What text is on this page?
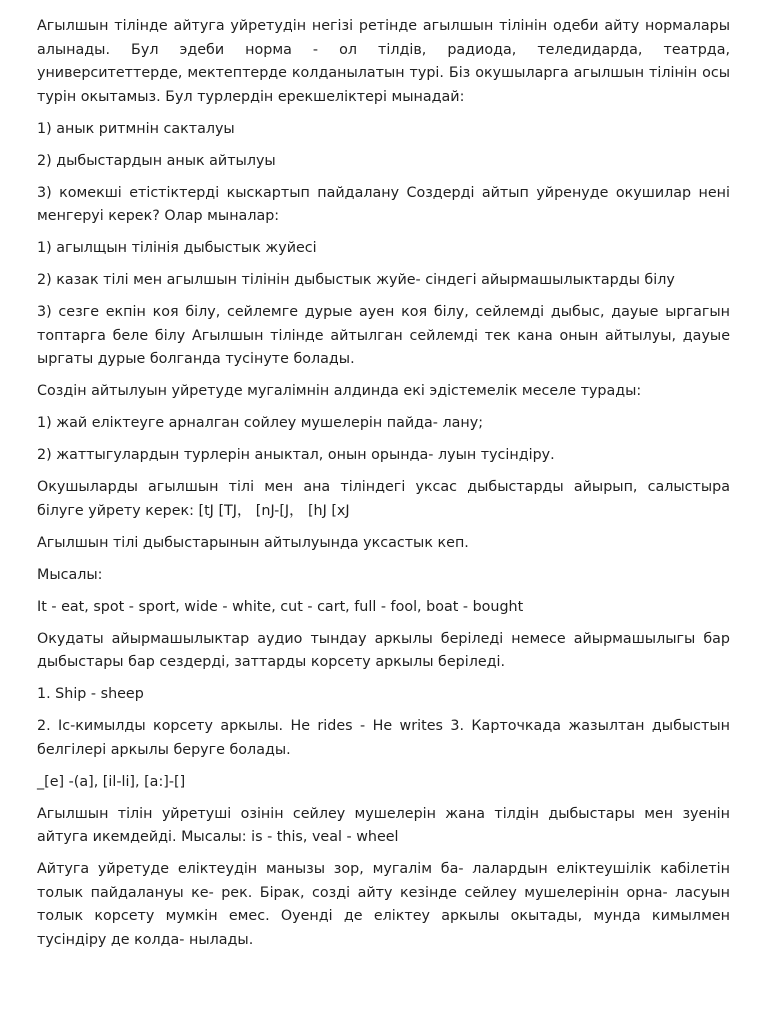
Агылшын тілінде айтуга уйретудін негізі ретінде агылшын тілінін одеби айту нормалары алынады. Бул эдеби норма - ол тілдів, радиода, теледидарда, театрда, университеттерде, мектептерде колданылатын турі. Біз окушыларга агылшын тілінін осы турін окытамыз. Бул турлердін ерекшеліктері мынадай:

1) анык ритмнін сакталуы

2) дыбыстардын анык айтылуы

3) комекші етістіктерді кыскартып пайдалану Создерді айтып уйренуде окушилар нені менгеруі керек? Олар мыналар:

1) агылщын тілінія дыбыстык жуйесі

2) казак тілі мен агылшын тілінін дыбыстык жуйе- сіндегі айырмашылыктарды білу

3) сезге екпін коя білу, сейлемге дурые ауен коя білу, сейлемді дыбыс, дауые ыргагын топтарга беле білу Агылшын тілінде айтылган сейлемді тек кана онын айтылуы, дауые ыргаты дурые болганда тусінуте болады.

Создін айтылуын уйретуде мугалімнін алдинда екі эдістемелік меселе турады:

1) жай еліктеуге арналган сойлеу мушелерін пайда- лану;

2) жаттыгулардын турлерін аныктал, онын орында- луын тусіндіру.

Окушыларды агылшын тілі мен ана тіліндегі уксас дыбыстарды айырып, салыстыра білуге уйрету керек: [tJ [TJ， [nJ-[J， [hJ [xJ

Агылшын тілі дыбыстарынын айтылуында уксастык кеп.

Мысалы:

It - eat, spot - sport, wide - white, cut - cart, full - fool, boat - bought

Окудаты айырмашылыктар аудио тындау аркылы беріледі немесе айырмашылыгы бар дыбыстары бар сездерді, заттарды корсету аркылы беріледі.

1. Ship - sheep

2. Іс-кимылды корсету аркылы. He rides - He writes 3. Карточкада жазылтан дыбыстын белгілері аркылы беруге болады.

_[e] -(a], [il-li], [a:]-[]

Агылшын тілін уйретуші озінін сейлеу мушелерін жана тілдін дыбыстары мен зуенін айтуга икемдейді. Мысалы: is - this, veal - wheel

Айтуга уйретуде еліктеудін манызы зор, мугалім ба- лалардын еліктеушілік кабілетін толык пайдалануы ке- рек. Бірак, созді айту кезінде сейлеу мушелерінін орна- ласуын толык корсету мумкін емес. Оуенді де еліктеу аркылы окытады, мунда кимылмен тусіндіру де колда- нылады.
